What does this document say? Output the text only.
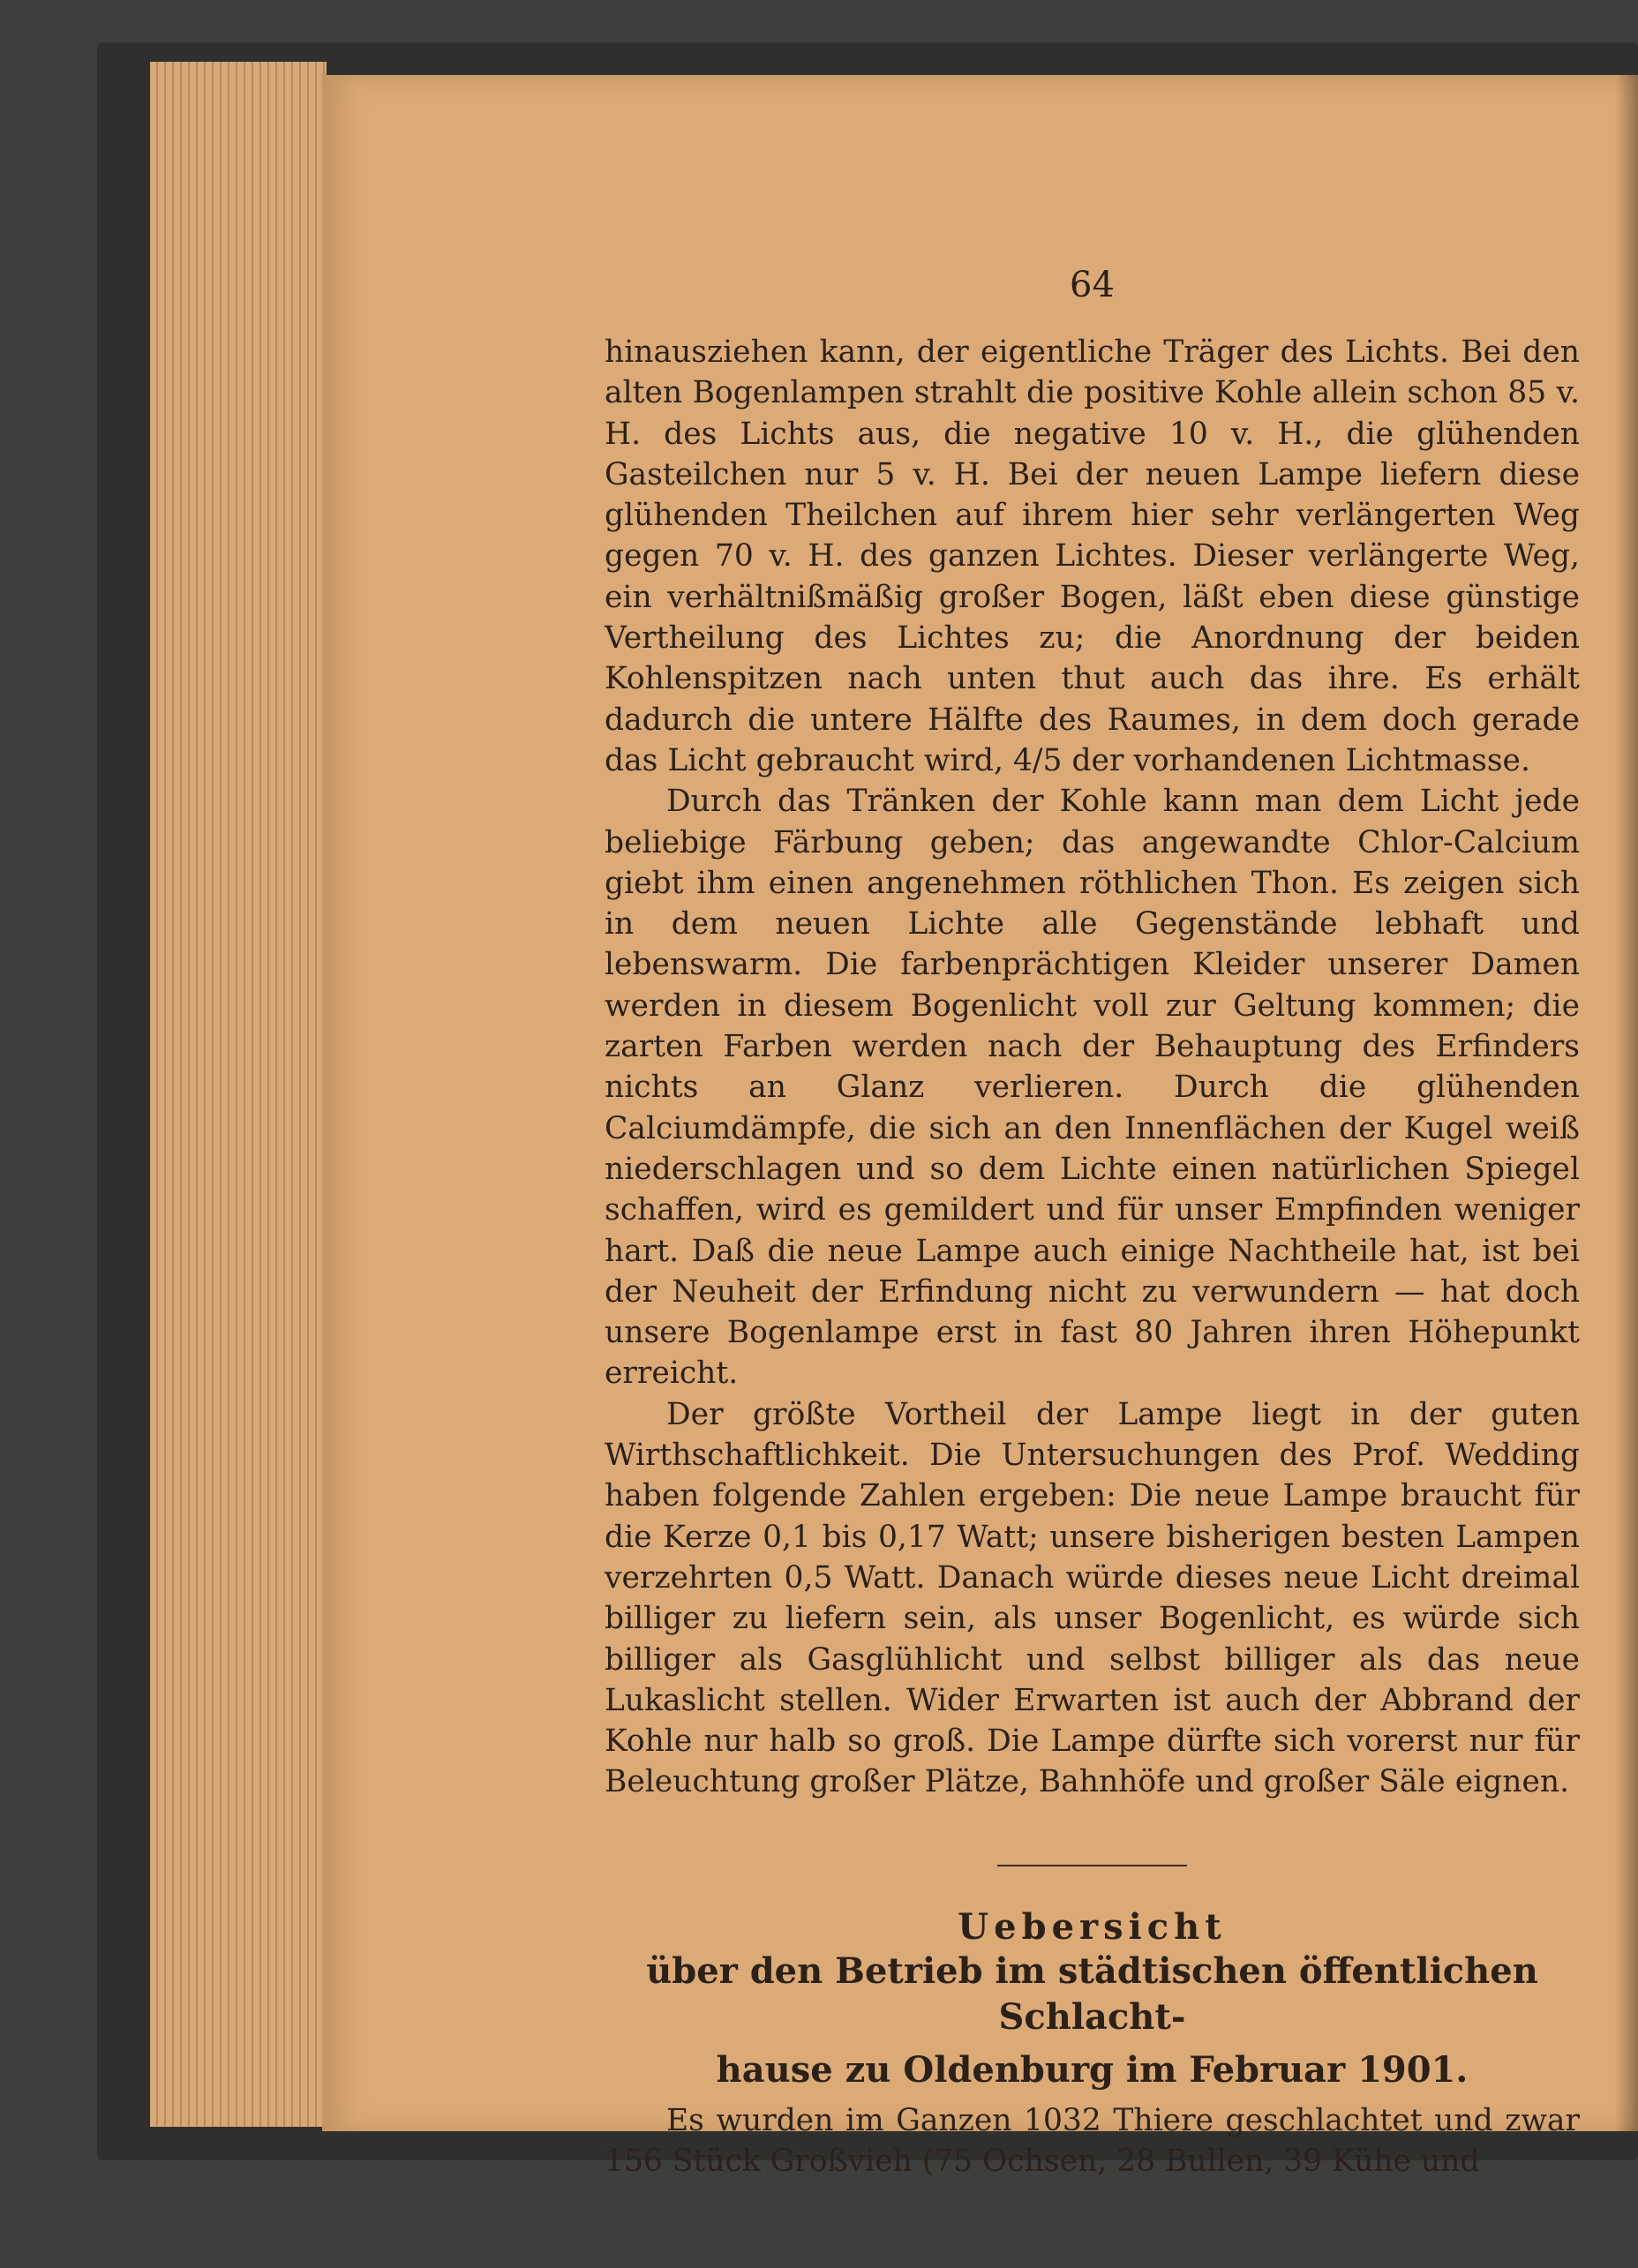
64

hinausziehen kann, der eigentliche Träger des Lichts. Bei den alten Bogenlampen strahlt die positive Kohle allein schon 85 v. H. des Lichts aus, die negative 10 v. H., die glühenden Gasteilchen nur 5 v. H. Bei der neuen Lampe liefern diese glühenden Theilchen auf ihrem hier sehr verlängerten Weg gegen 70 v. H. des ganzen Lichtes. Dieser verlängerte Weg, ein verhältnißmäßig großer Bogen, läßt eben diese günstige Vertheilung des Lichtes zu; die Anordnung der beiden Kohlenspitzen nach unten thut auch das ihre. Es erhält dadurch die untere Hälfte des Raumes, in dem doch gerade das Licht gebraucht wird, 4/5 der vorhandenen Lichtmasse.

Durch das Tränken der Kohle kann man dem Licht jede beliebige Färbung geben; das angewandte Chlor-Calcium giebt ihm einen angenehmen röthlichen Thon. Es zeigen sich in dem neuen Lichte alle Gegenstände lebhaft und lebenswarm. Die farbenprächtigen Kleider unserer Damen werden in diesem Bogenlicht voll zur Geltung kommen; die zarten Farben werden nach der Behauptung des Erfinders nichts an Glanz verlieren. Durch die glühenden Calciumdämpfe, die sich an den Innenflächen der Kugel weiß niederschlagen und so dem Lichte einen natürlichen Spiegel schaffen, wird es gemildert und für unser Empfinden weniger hart. Daß die neue Lampe auch einige Nachtheile hat, ist bei der Neuheit der Erfindung nicht zu verwundern — hat doch unsere Bogenlampe erst in fast 80 Jahren ihren Höhepunkt erreicht.

Der größte Vortheil der Lampe liegt in der guten Wirthschaftlichkeit. Die Untersuchungen des Prof. Wedding haben folgende Zahlen ergeben: Die neue Lampe braucht für die Kerze 0,1 bis 0,17 Watt; unsere bisherigen besten Lampen verzehrten 0,5 Watt. Danach würde dieses neue Licht dreimal billiger zu liefern sein, als unser Bogenlicht, es würde sich billiger als Gasglühlicht und selbst billiger als das neue Lukaslicht stellen. Wider Erwarten ist auch der Abbrand der Kohle nur halb so groß. Die Lampe dürfte sich vorerst nur für Beleuchtung großer Plätze, Bahnhöfe und großer Säle eignen.

Uebersicht
über den Betrieb im städtischen öffentlichen Schlacht-
hause zu Oldenburg im Februar 1901.

Es wurden im Ganzen 1032 Thiere geschlachtet und zwar 156 Stück Großvieh (75 Ochsen, 28 Bullen, 39 Kühe und
